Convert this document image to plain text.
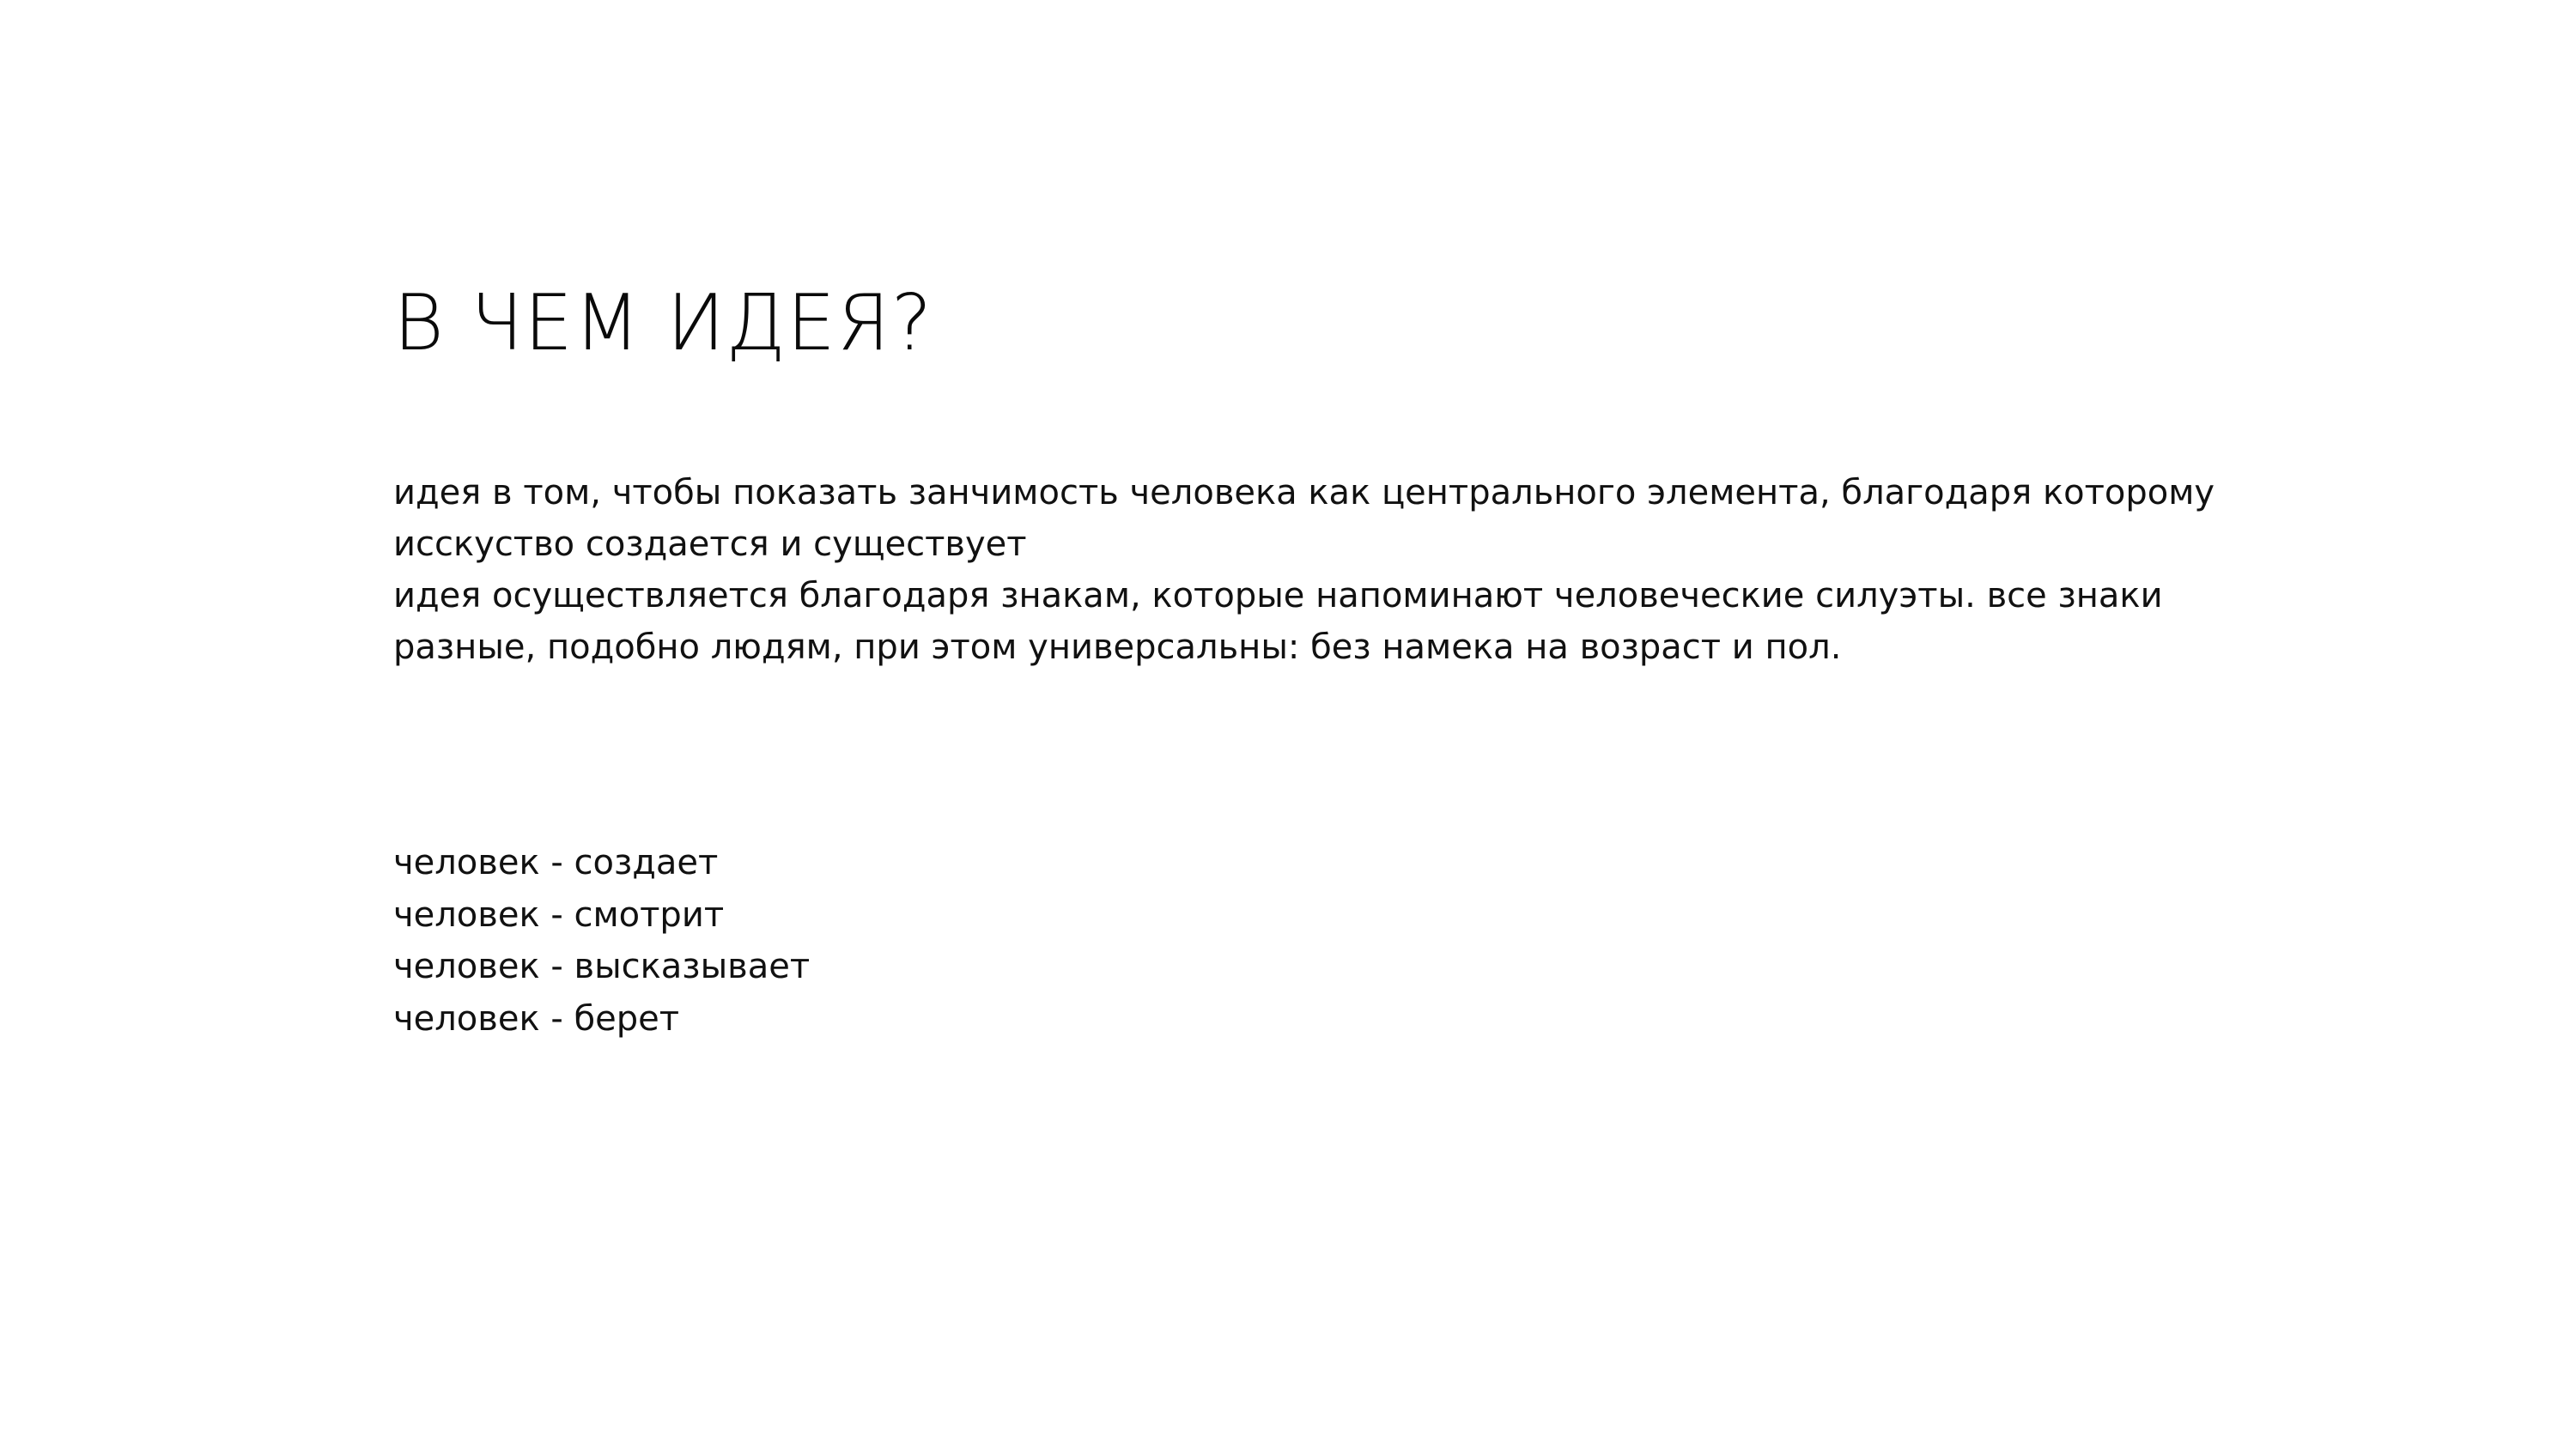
В ЧЕМ ИДЕЯ?
идея в том, чтобы показать занчимость человека как центрального элемента, благодаря которому
исскуство создается и существует
идея осуществляется благодаря знакам, которые напоминают человеческие силуэты. все знаки
разные, подобно людям, при этом универсальны: без намека на возраст и пол.
человек - создает
человек - смотрит
человек - высказывает
человек - берет
